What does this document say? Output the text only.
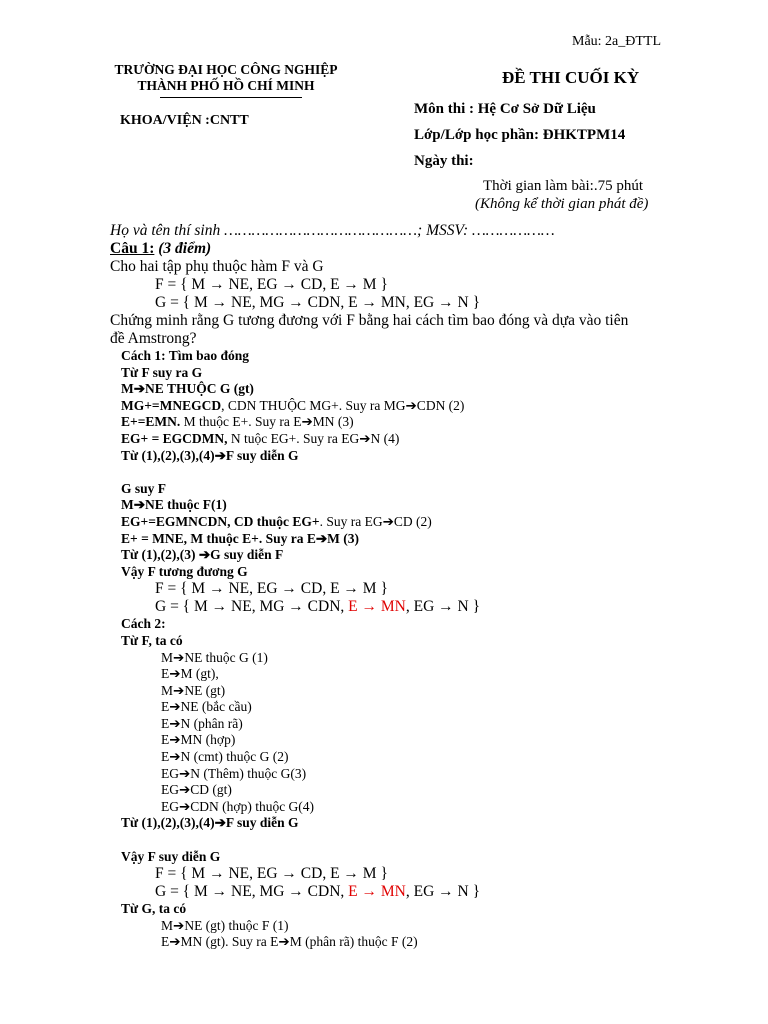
Mẫu: 2a_ĐTTL
TRƯỜNG ĐẠI HỌC CÔNG NGHIỆP
THÀNH PHỐ HỒ CHÍ MINH
KHOA/VIỆN :CNTT
ĐỀ THI CUỐI KỲ
Môn thi : Hệ Cơ Sở Dữ Liệu
Lớp/Lớp học phần: ĐHKTPM14
Ngày thi:
Thời gian làm bài:.75 phút
(Không kể thời gian phát đề)
Họ và tên thí sinh ……………………………………; MSSV: ………………
Câu 1: (3 điểm)
Cho hai tập phụ thuộc hàm F và G
F = { M → NE, EG → CD, E → M }
G = { M → NE, MG → CDN, E → MN, EG → N }
Chứng minh rằng G tương đương với F bằng hai cách tìm bao đóng và dựa vào tiên
đề Amstrong?
Cách 1: Tìm bao đóng
Từ F suy ra G
M➔NE THUỘC G (gt)
MG+=MNEGCD, CDN THUỘC MG+. Suy ra MG➔CDN (2)
E+=EMN. M thuộc E+. Suy ra E➔MN (3)
EG+ = EGCDMN, N tuộc EG+. Suy ra EG➔N (4)
Từ (1),(2),(3),(4)➔F suy diễn G
G suy F
M➔NE thuộc F(1)
EG+=EGMNCDN, CD thuộc EG+. Suy ra EG➔CD (2)
E+ = MNE, M thuộc E+. Suy ra E➔M (3)
Từ (1),(2),(3) ➔G suy diễn F
Vậy F tương đương G
F = { M → NE, EG → CD, E → M }
G = { M → NE, MG → CDN, E → MN, EG → N }
Cách 2:
Từ F, ta có
M➔NE thuộc G (1)
E➔M (gt),
M➔NE (gt)
E➔NE (bắc cầu)
E➔N (phân rã)
E➔MN (hợp)
E➔N (cmt) thuộc G (2)
EG➔N (Thêm) thuộc G(3)
EG➔CD (gt)
EG➔CDN (hợp) thuộc G(4)
Từ (1),(2),(3),(4)➔F suy diễn G
Vậy F suy diễn G
F = { M → NE, EG → CD, E → M }
G = { M → NE, MG → CDN, E → MN, EG → N }
Từ G, ta có
M➔NE (gt) thuộc F (1)
E➔MN (gt). Suy ra E➔M (phân rã) thuộc F (2)
